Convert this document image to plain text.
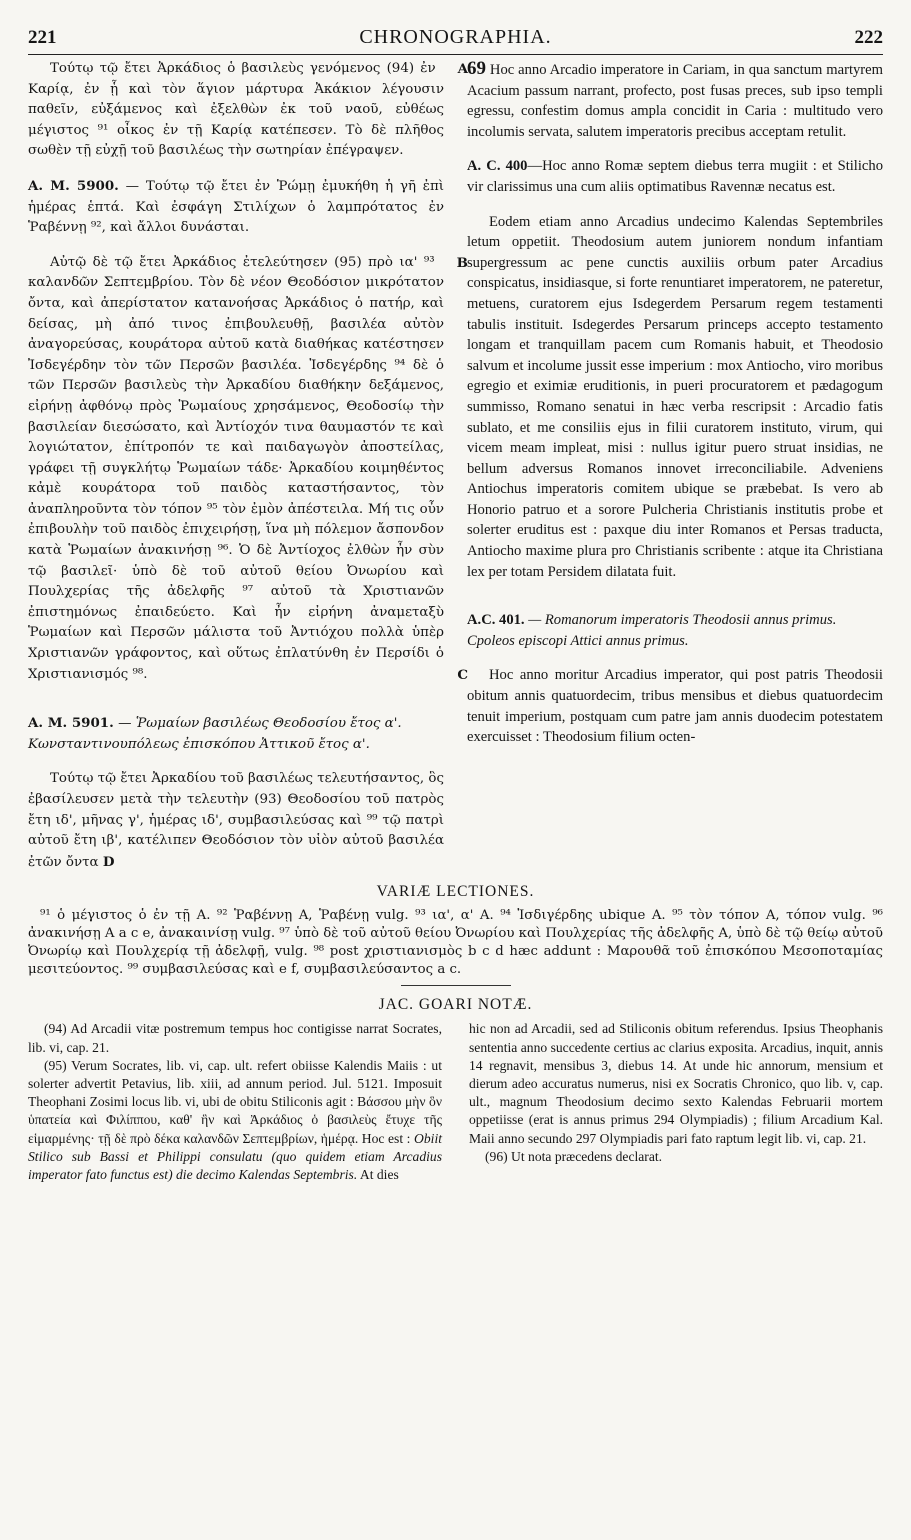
221	CHRONOGRAPHIA.	222

A
Τούτῳ τῷ ἔτει Ἀρκάδιος ὁ βασιλεὺς γενόμενος (94) ἐν Καρίᾳ, ἐν ᾗ καὶ τὸν ἅγιον μάρτυρα Ἀκάκιον λέγουσιν παθεῖν, εὐξάμενος καὶ ἐξελθὼν ἐκ τοῦ ναοῦ, εὐθέως μέγιστος ⁹¹ οἶκος ἐν τῇ Καρίᾳ κατέπεσεν. Τὸ δὲ πλῆθος σωθὲν τῇ εὐχῇ τοῦ βασιλέως τὴν σωτηρίαν ἐπέγραψεν.

A. M. 5900. — Τούτῳ τῷ ἔτει ἐν Ῥώμῃ ἐμυκήθη ἡ γῆ ἐπὶ ἡμέρας ἑπτά. Καὶ ἐσφάγη Στιλίχων ὁ λαμπρότατος ἐν Ῥαβέννῃ ⁹², καὶ ἄλλοι δυνάσται.

B
Αὐτῷ δὲ τῷ ἔτει Ἀρκάδιος ἐτελεύτησεν (95) πρὸ ια' ⁹³ καλανδῶν Σεπτεμβρίου. Τὸν δὲ νέον Θεοδόσιον μικρότατον ὄντα, καὶ ἀπερίστατον κατανοήσας Ἀρκάδιος ὁ πατήρ, καὶ δείσας, μὴ ἀπό τινος ἐπιβουλευθῇ, βασιλέα αὐτὸν ἀναγορεύσας, κουράτορα αὐτοῦ κατὰ διαθήκας κατέστησεν Ἰσδεγέρδην τὸν τῶν Περσῶν βασιλέα. Ἰσδεγέρδης ⁹⁴ δὲ ὁ τῶν Περσῶν βασιλεὺς τὴν Ἀρκαδίου διαθήκην δεξάμενος, εἰρήνῃ ἀφθόνῳ πρὸς Ῥωμαίους χρησάμενος, Θεοδοσίῳ τὴν βασιλείαν διεσώσατο, καὶ Ἀντίοχόν τινα θαυμαστόν τε καὶ λογιώτατον, ἐπίτροπόν τε καὶ παιδαγωγὸν ἀποστείλας, γράφει τῇ συγκλήτῳ Ῥωμαίων τάδε· Ἀρκαδίου κοιμηθέντος κἀμὲ κουράτορα τοῦ παιδὸς καταστήσαντος, τὸν ἀναπληροῦντα τὸν τόπον ⁹⁵ τὸν ἐμὸν ἀπέστειλα. Μή τις οὖν ἐπιβουλὴν τοῦ παιδὸς ἐπιχειρήσῃ, ἵνα μὴ πόλεμον ἄσπονδον κατὰ Ῥωμαίων ἀνακινήσῃ ⁹⁶. Ὁ δὲ Ἀντίοχος ἐλθὼν ἦν σὺν τῷ βασιλεῖ· ὑπὸ δὲ τοῦ αὐτοῦ θείου Ὀνωρίου καὶ Πουλχερίας τῆς ἀδελφῆς ⁹⁷ αὐτοῦ τὰ Χριστιανῶν ἐπιστημόνως ἐπαιδεύετο. Καὶ ἦν εἰρήνη ἀναμεταξὺ Ῥωμαίων καὶ Περσῶν μάλιστα τοῦ Ἀντιόχου πολλὰ ὑπὲρ Χριστιανῶν γράφοντος, καὶ οὕτως ἐπλατύνθη ἐν Περσίδι ὁ Χριστιανισμός ⁹⁸.	C

A. M. 5901. — Ῥωμαίων βασιλέως Θεοδοσίου ἔτος α'.

Κωνσταντινουπόλεως ἐπισκόπου Ἀττικοῦ ἔτος α'.

Τούτῳ τῷ ἔτει Ἀρκαδίου τοῦ βασιλέως τελευτήσαντος, ὃς ἐβασίλευσεν μετὰ τὴν τελευτὴν (93) Θεοδοσίου τοῦ πατρὸς ἔτη ιδ', μῆνας γ', ἡμέρας ιδ', συμβασιλεύσας καὶ ⁹⁹ τῷ πατρὶ αὐτοῦ ἔτη ιβ', κατέλιπεν Θεοδόσιον τὸν υἱὸν αὐτοῦ βασιλέα ἐτῶν ὄντα D

69 Hoc anno Arcadio imperatore in Cariam, in qua sanctum martyrem Acacium passum narrant, profecto, post fusas preces, sub ipso templi egressu, confestim domus ampla concidit in Caria : multitudo vero incolumis servata, salutem imperatoris precibus acceptam retulit.

A. C. 400—Hoc anno Romæ septem diebus terra mugiit : et Stilicho vir clarissimus una cum aliis optimatibus Ravennæ necatus est.

Eodem etiam anno Arcadius undecimo Kalendas Septembriles letum oppetiit. Theodosium autem juniorem nondum infantiam supergressum ac pene cunctis auxiliis orbum pater Arcadius conspicatus, insidiasque, si forte renuntiaret imperatorem, ne pateretur, metuens, curatorem ejus Isdegerdem Persarum regem testamenti tabulis instituit. Isdegerdes Persarum princeps accepto testamento longam et tranquillam pacem cum Romanis habuit, et Theodosio salvum et incolume jussit esse imperium : mox Antiocho, viro moribus egregio et eximiæ eruditionis, in pueri procuratorem et pædagogum summisso, Romano senatui in hæc verba rescripsit : Arcadio fatis sublato, et me consiliis ejus in filii curatorem instituto, virum, qui vicem meam impleat, misi : nullus igitur puero struat insidias, ne bellum adversus Romanos innovet irreconciliabile. Adveniens Antiochus imperatoris comitem ubique se præbebat. Is vero ab Honorio patruo et a sorore Pulcheria Christianis institutis probe et solerter eruditus est : paxque diu inter Romanos et Persas traducta, Antiocho maxime plura pro Christianis scribente : atque ita Christiana lex per totam Persidem dilatata fuit.

A.C. 401. — Romanorum imperatoris Theodosii annus primus.

Cpoleos episcopi Attici annus primus.

Hoc anno moritur Arcadius imperator, qui post patris Theodosii obitum annis quatuordecim, tribus mensibus et diebus quatuordecim tenuit imperium, postquam cum patre jam annis duodecim potestatem exercuisset : Theodosium filium octen-

VARIÆ LECTIONES.

⁹¹ ὁ μέγιστος ὁ ἐν τῇ A. ⁹² Ῥαβέννῃ A, Ῥαβένῃ vulg. ⁹³ ια', α' A. ⁹⁴ Ἰσδιγέρδης ubique A. ⁹⁵ τὸν τόπον A, τόπον vulg. ⁹⁶ ἀνακινήσῃ A a c e, ἀνακαινίσῃ vulg. ⁹⁷ ὑπὸ δὲ τοῦ αὐτοῦ θείου Ὀνωρίου καὶ Πουλχερίας τῆς ἀδελφῆς A, ὑπὸ δὲ τῷ θείῳ αὐτοῦ Ὀνωρίῳ καὶ Πουλχερίᾳ τῇ ἀδελφῇ, vulg. ⁹⁸ post χριστιανισμὸς b c d hæc addunt : Μαρουθᾶ τοῦ ἐπισκόπου Μεσοποταμίας μεσιτεύοντος. ⁹⁹ συμβασιλεύσας καὶ e f, συμβασιλεύσαντος a c.

JAC. GOARI NOTÆ.

(94) Ad Arcadii vitæ postremum tempus hoc contigisse narrat Socrates, lib. vi, cap. 21.

(95) Verum Socrates, lib. vi, cap. ult. refert obiisse Kalendis Maiis : ut solerter advertit Petavius, lib. xiii, ad annum period. Jul. 5121. Imposuit Theophani Zosimi locus lib. vi, ubi de obitu Stiliconis agit : Βάσσου μὴν ὃν ὑπατεία καὶ Φιλίππου, καθ' ἣν καὶ Ἀρκάδιος ὁ βασιλεὺς ἔτυχε τῆς εἱμαρμένης· τῇ δὲ πρὸ δέκα καλανδῶν Σεπτεμβρίων, ἡμέρᾳ. Hoc est : Obiit Stilico sub Bassi et Philippi consulatu (quo quidem etiam Arcadius imperator fato functus est) die decimo Kalendas Septembris. At dies

hic non ad Arcadii, sed ad Stiliconis obitum referendus. Ipsius Theophanis sententia anno succedente certius ac clarius exposita. Arcadius, inquit, annis 14 regnavit, mensibus 3, diebus 14. At unde hic annorum, mensium et dierum adeo accuratus numerus, nisi ex Socratis Chronico, quo lib. v, cap. ult., magnum Theodosium decimo sexto Kalendas Februarii mortem oppetiisse (erat is annus primus 294 Olympiadis) ; filium Arcadium Kal. Maii anno secundo 297 Olympiadis pari fato raptum legit lib. vi, cap. 21.

(96) Ut nota præcedens declarat.
